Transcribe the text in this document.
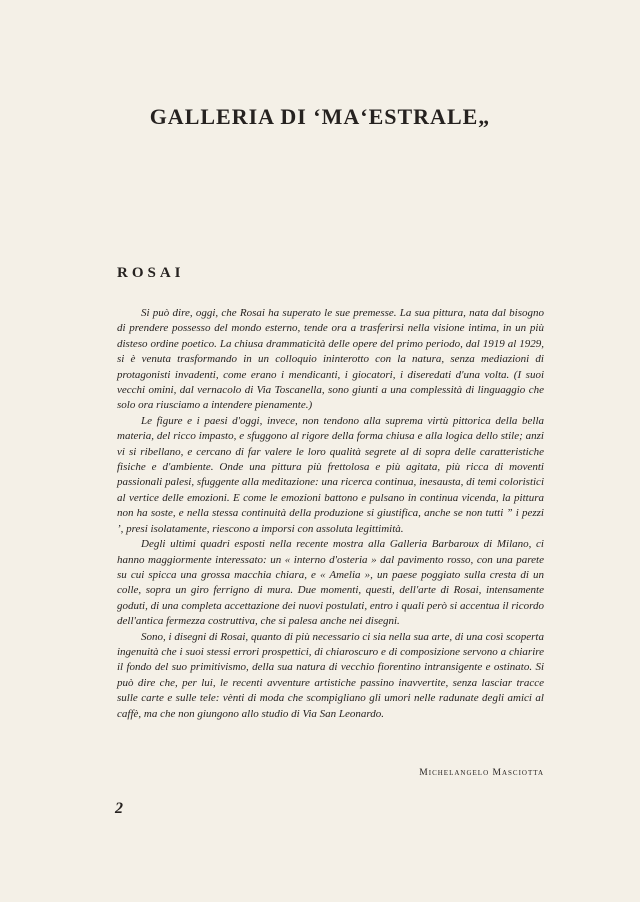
GALLERIA DI ‘MA‘ESTRALE„
ROSAI

Si può dire, oggi, che Rosai ha superato le sue premesse. La sua pittura, nata dal bisogno di prendere possesso del mondo esterno, tende ora a trasferirsi nella visione intima, in un più disteso ordine poetico. La chiusa drammaticità delle opere del primo periodo, dal 1919 al 1929, si è venuta trasformando in un colloquio ininterotto con la natura, senza mediazioni di protagonisti invadenti, come erano i mendicanti, i giocatori, i diseredati d'una volta. (I suoi vecchi omini, dal vernacolo di Via Toscanella, sono giunti a una complessità di linguaggio che solo ora riusciamo a intendere pienamente.)

Le figure e i paesi d'oggi, invece, non tendono alla suprema virtù pittorica della bella materia, del ricco impasto, e sfuggono al rigore della forma chiusa e alla logica dello stile; anzi vi si ribellano, e cercano di far valere le loro qualità segrete al di sopra delle caratteristiche fisiche e d'ambiente. Onde una pittura più frettolosa e più agitata, più ricca di moventi passionali palesi, sfuggente alla meditazione: una ricerca continua, inesausta, di temi coloristici al vertice delle emozioni. E come le emozioni battono e pulsano in continua vicenda, la pittura non ha soste, e nella stessa continuità della produzione si giustifica, anche se non tutti ” i pezzi ’, presi isolatamente, riescono a imporsi con assoluta legittimità.

Degli ultimi quadri esposti nella recente mostra alla Galleria Barbaroux di Milano, ci hanno maggiormente interessato: un « interno d'osteria » dal pavimento rosso, con una parete su cui spicca una grossa macchia chiara, e « Amelia », un paese poggiato sulla cresta di un colle, sopra un giro ferrigno di mura. Due momenti, questi, dell'arte di Rosai, intensamente goduti, di una completa accettazione dei nuovi postulati, entro i quali però si accentua il ricordo dell'antica fermezza costruttiva, che si palesa anche nei disegni.

Sono, i disegni di Rosai, quanto di più necessario ci sia nella sua arte, di una così scoperta ingenuità che i suoi stessi errori prospettici, di chiaroscuro e di composizione servono a chiarire il fondo del suo primitivismo, della sua natura di vecchio fiorentino intransigente e ostinato. Si può dire che, per lui, le recenti avventure artistiche passino inavvertite, senza lasciar tracce sulle carte e sulle tele: vènti di moda che scompigliano gli umori nelle radunate degli amici al caffè, ma che non giungono allo studio di Via San Leonardo.

Michelangelo Masciotta
2
